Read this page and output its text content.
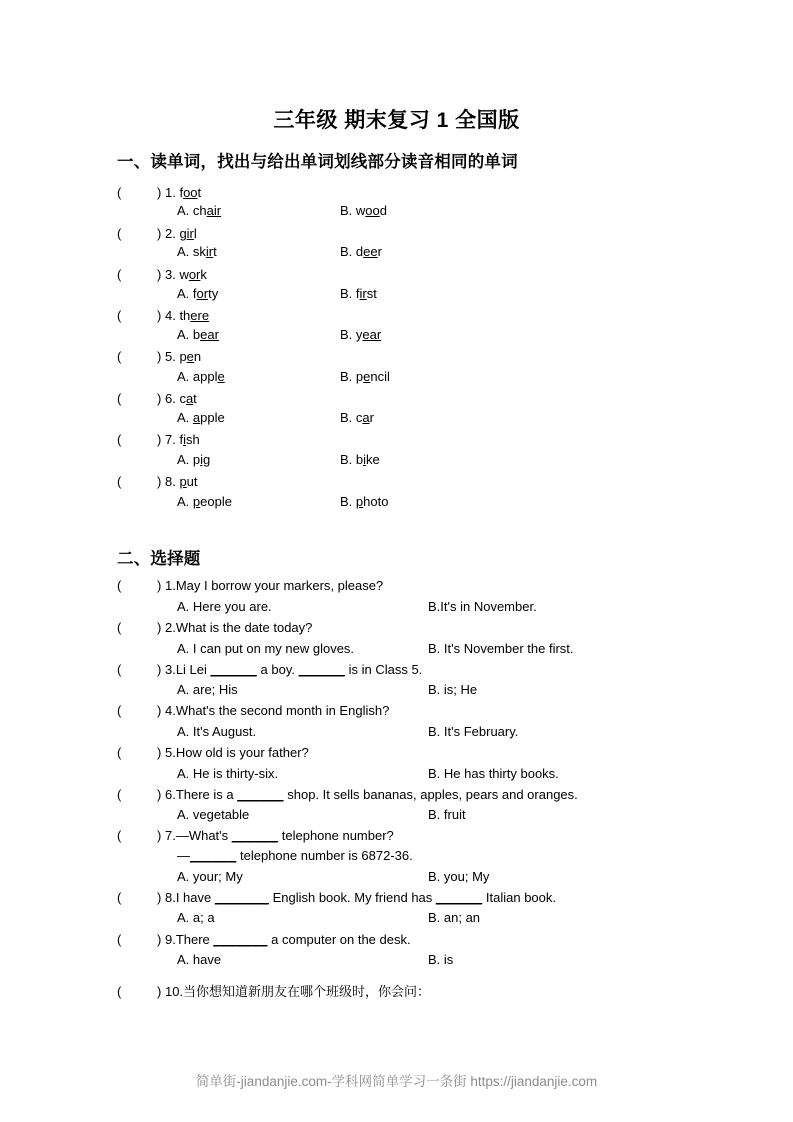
三年级 期末复习 1 全国版
一、读单词，找出与给出单词划线部分读音相同的单词
(	) 1. foot
A. chair	B. wood
(	) 2. girl
A. skirt	B. deer
(	) 3. work
A. forty	B. first
(	) 4. there
A. bear	B. year
(	) 5. pen
A. apple	B. pencil
(	) 6. cat
A. apple	B. car
(	) 7. fish
A. pig	B. bike
(	) 8. put
A. people	B. photo
二、选择题
(	) 1.May I borrow your markers, please?
A. Here you are.	B.It's in November.
(	) 2.What is the date today?
A. I can put on my new gloves.	B. It's November the first.
(	) 3.Li Lei ______ a boy. ______ is in Class 5.
A. are; His	B. is; He
(	) 4.What's the second month in English?
A. It's August.	B. It's February.
(	) 5.How old is your father?
A. He is thirty-six.	B. He has thirty books.
(	) 6.There is a ______ shop. It sells bananas, apples, pears and oranges.
A. vegetable	B. fruit
(	) 7.—What's ______ telephone number?
—______ telephone number is 6872-36.
A. your; My	B. you; My
(	) 8.I have _______ English book. My friend has ______ Italian book.
A. a; a	B. an; an
(	) 9.There _______ a computer on the desk.
A. have	B. is
(	) 10.当你想知道新朋友在哪个班级时，你会问：
简单街-jiandanjie.com-学科网简单学习一条街 https://jiandanjie.com
